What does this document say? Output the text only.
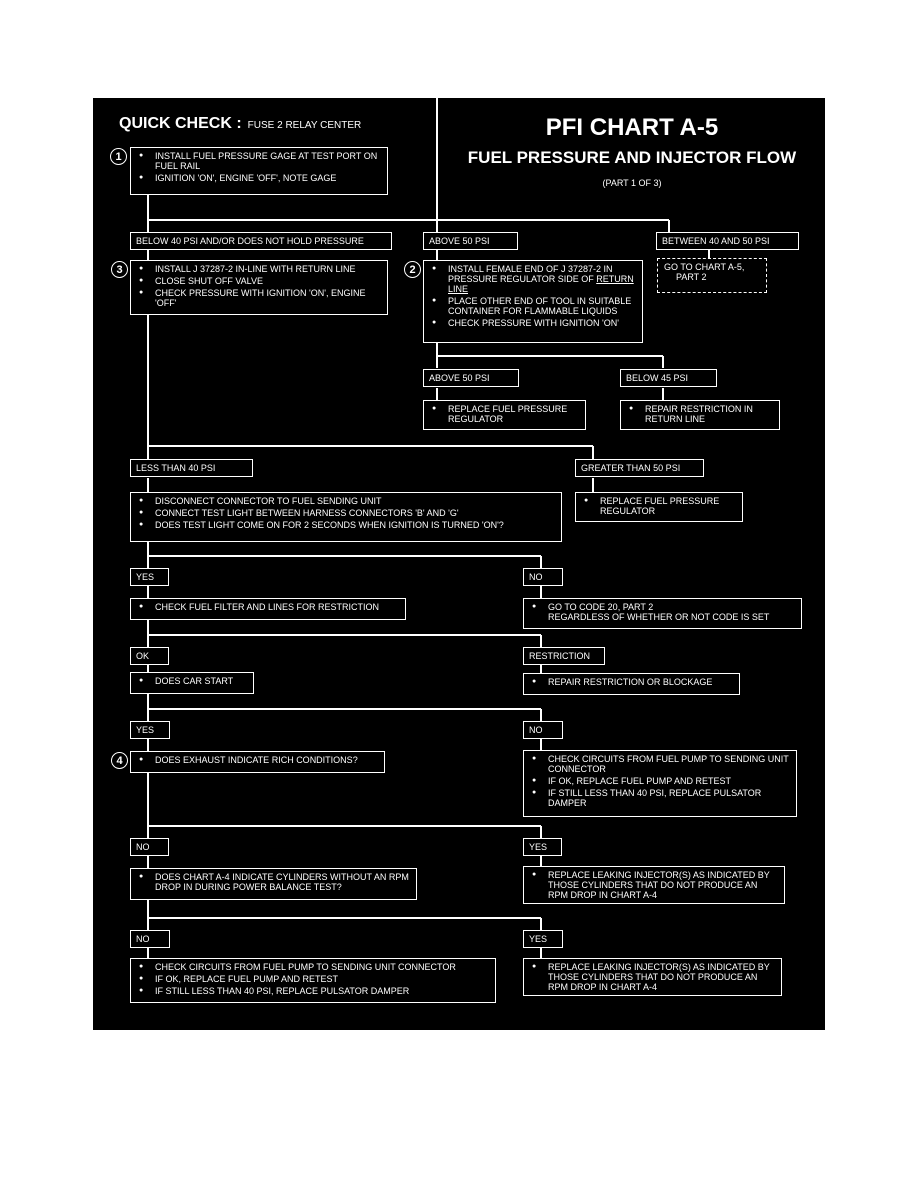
QUICK CHECK : FUSE 2 RELAY CENTER	PFI CHART A-5
FUEL PRESSURE AND INJECTOR FLOW
(PART 1 OF 3)
1	● INSTALL FUEL PRESSURE GAGE AT TEST PORT ON FUEL RAIL
● IGNITION 'ON', ENGINE 'OFF', NOTE GAGE
BELOW 40 PSI AND/OR DOES NOT HOLD PRESSURE	ABOVE 50 PSI	BETWEEN 40 AND 50 PSI
GO TO CHART A-5,
PART 2
3	● INSTALL J 37287-2 IN-LINE WITH RETURN LINE
● CLOSE SHUT OFF VALVE
● CHECK PRESSURE WITH IGNITION 'ON', ENGINE 'OFF'
2	● INSTALL FEMALE END OF J 37287-2 IN PRESSURE REGULATOR SIDE OF RETURN LINE
● PLACE OTHER END OF TOOL IN SUITABLE CONTAINER FOR FLAMMABLE LIQUIDS
● CHECK PRESSURE WITH IGNITION 'ON'
ABOVE 50 PSI	BELOW 45 PSI
● REPLACE FUEL PRESSURE REGULATOR
● REPAIR RESTRICTION IN RETURN LINE
LESS THAN 40 PSI	GREATER THAN 50 PSI
● DISCONNECT CONNECTOR TO FUEL SENDING UNIT
● CONNECT TEST LIGHT BETWEEN HARNESS CONNECTORS 'B' AND 'G'
● DOES TEST LIGHT COME ON FOR 2 SECONDS WHEN IGNITION IS TURNED 'ON'?
● REPLACE FUEL PRESSURE REGULATOR
YES	NO
● CHECK FUEL FILTER AND LINES FOR RESTRICTION	● GO TO CODE 20, PART 2
REGARDLESS OF WHETHER OR NOT CODE IS SET
OK	RESTRICTION
● DOES CAR START	● REPAIR RESTRICTION OR BLOCKAGE
YES	NO
4	● DOES EXHAUST INDICATE RICH CONDITIONS?	● CHECK CIRCUITS FROM FUEL PUMP TO SENDING UNIT CONNECTOR
● IF OK, REPLACE FUEL PUMP AND RETEST
● IF STILL LESS THAN 40 PSI, REPLACE PULSATOR DAMPER
NO	YES
● DOES CHART A-4 INDICATE CYLINDERS WITHOUT AN RPM DROP IN DURING POWER BALANCE TEST?
● REPLACE LEAKING INJECTOR(S) AS INDICATED BY THOSE CYLINDERS THAT DO NOT PRODUCE AN RPM DROP IN CHART A-4
NO	YES
● CHECK CIRCUITS FROM FUEL PUMP TO SENDING UNIT CONNECTOR
● IF OK, REPLACE FUEL PUMP AND RETEST
● IF STILL LESS THAN 40 PSI, REPLACE PULSATOR DAMPER
● REPLACE LEAKING INJECTOR(S) AS INDICATED BY THOSE CYLINDERS THAT DO NOT PRODUCE AN RPM DROP IN CHART A-4
